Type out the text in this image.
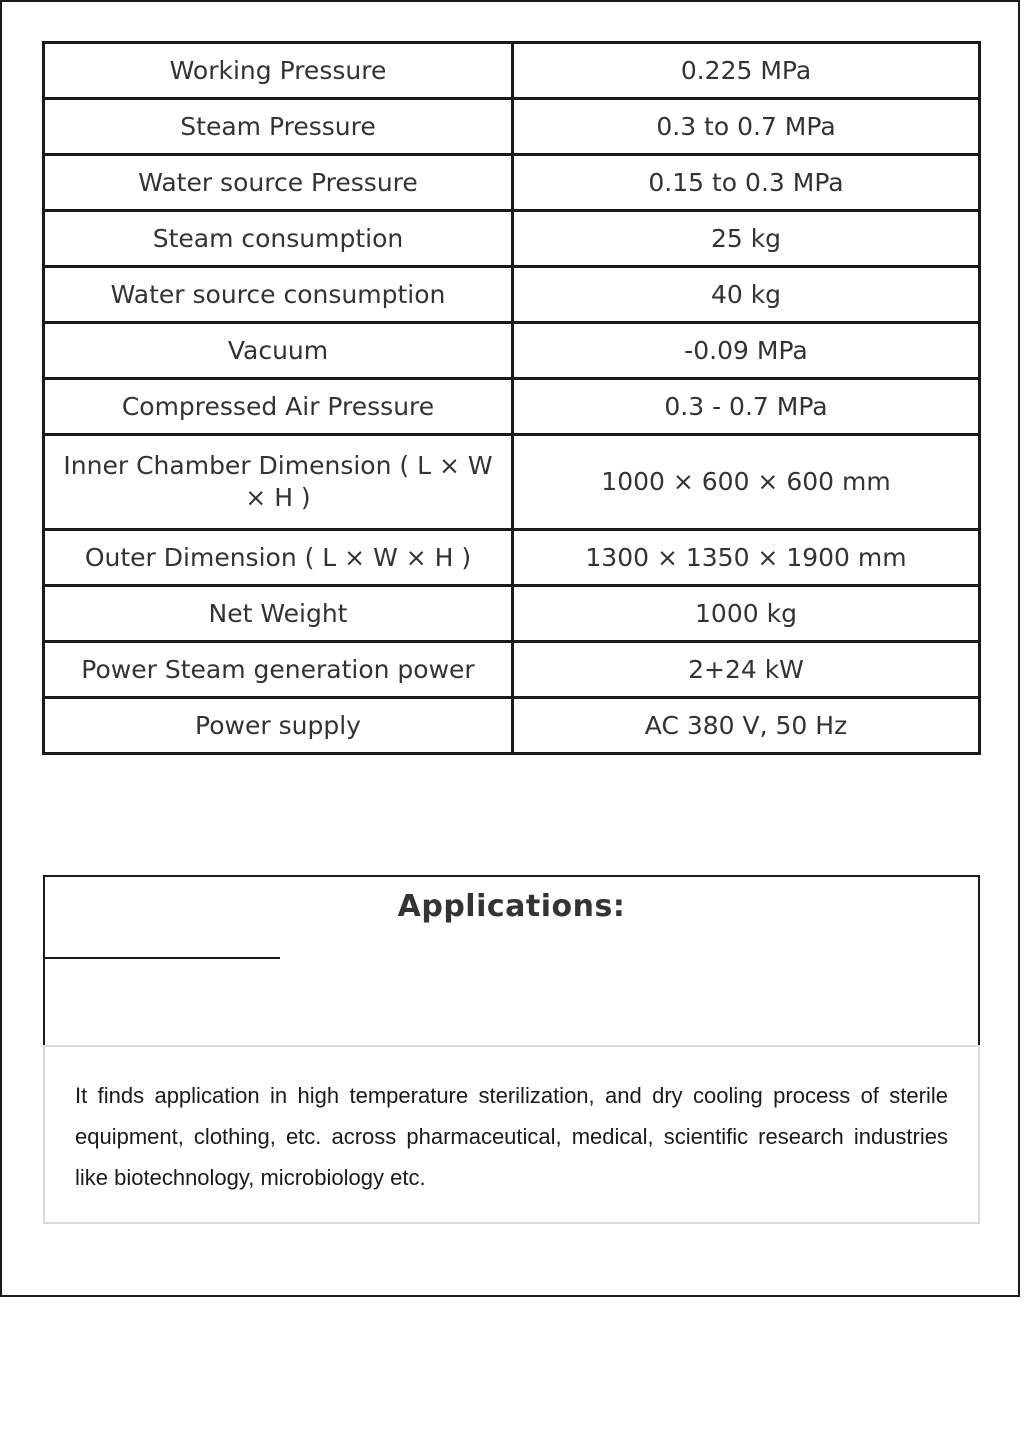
Working Pressure	0.225 MPa
Steam Pressure	0.3 to 0.7 MPa
Water source Pressure	0.15 to 0.3 MPa
Steam consumption	25 kg
Water source consumption	40 kg
Vacuum	-0.09 MPa
Compressed Air Pressure	0.3 - 0.7 MPa
Inner Chamber Dimension ( L × W × H )	1000 × 600 × 600 mm
Outer Dimension ( L × W × H )	1300 × 1350 × 1900 mm
Net Weight	1000 kg
Power Steam generation power	2+24 kW
Power supply	AC 380 V, 50 Hz
Applications:

It finds application in high temperature sterilization, and dry cooling process of sterile equipment, clothing, etc. across pharmaceutical, medical, scientific research industries like biotechnology, microbiology etc.
